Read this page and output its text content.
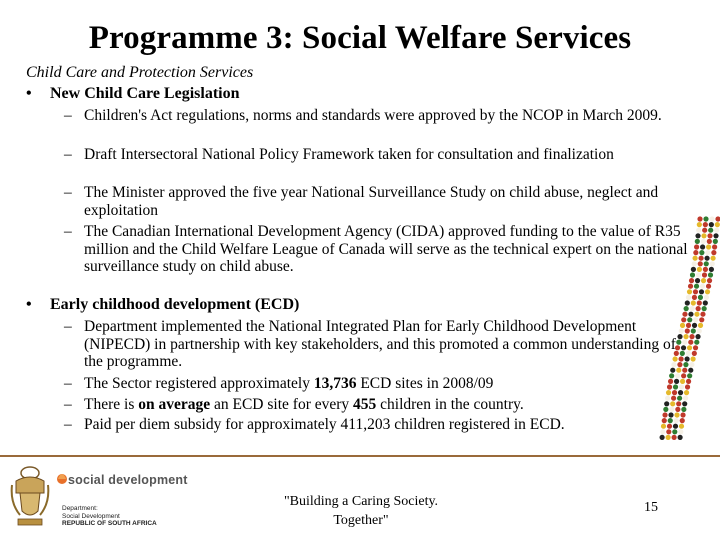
Programme 3: Social Welfare Services
Child Care and Protection Services
• New Child Care Legislation
– Children's Act regulations, norms and standards were approved by the NCOP in March 2009.
– Draft Intersectoral National Policy Framework taken for consultation and finalization
– The Minister approved the five year National Surveillance Study on child abuse, neglect and exploitation
– The Canadian International Development Agency (CIDA) approved funding to the value of R35 million and the Child Welfare League of Canada will serve as the technical expert on the national surveillance study on child abuse.
• Early childhood development (ECD)
– Department implemented the National Integrated Plan for Early Childhood Development (NIPECD) in partnership with key stakeholders, and this promoted a common understanding of the programme.
– The Sector registered approximately 13,736 ECD sites in 2008/09
– There is on average an ECD site for every 455 children in the country.
– Paid per diem subsidy for approximately 411,203 children registered in ECD.
social development
Department:
Social Development
REPUBLIC OF SOUTH AFRICA
"Building a Caring Society.
Together"
15
